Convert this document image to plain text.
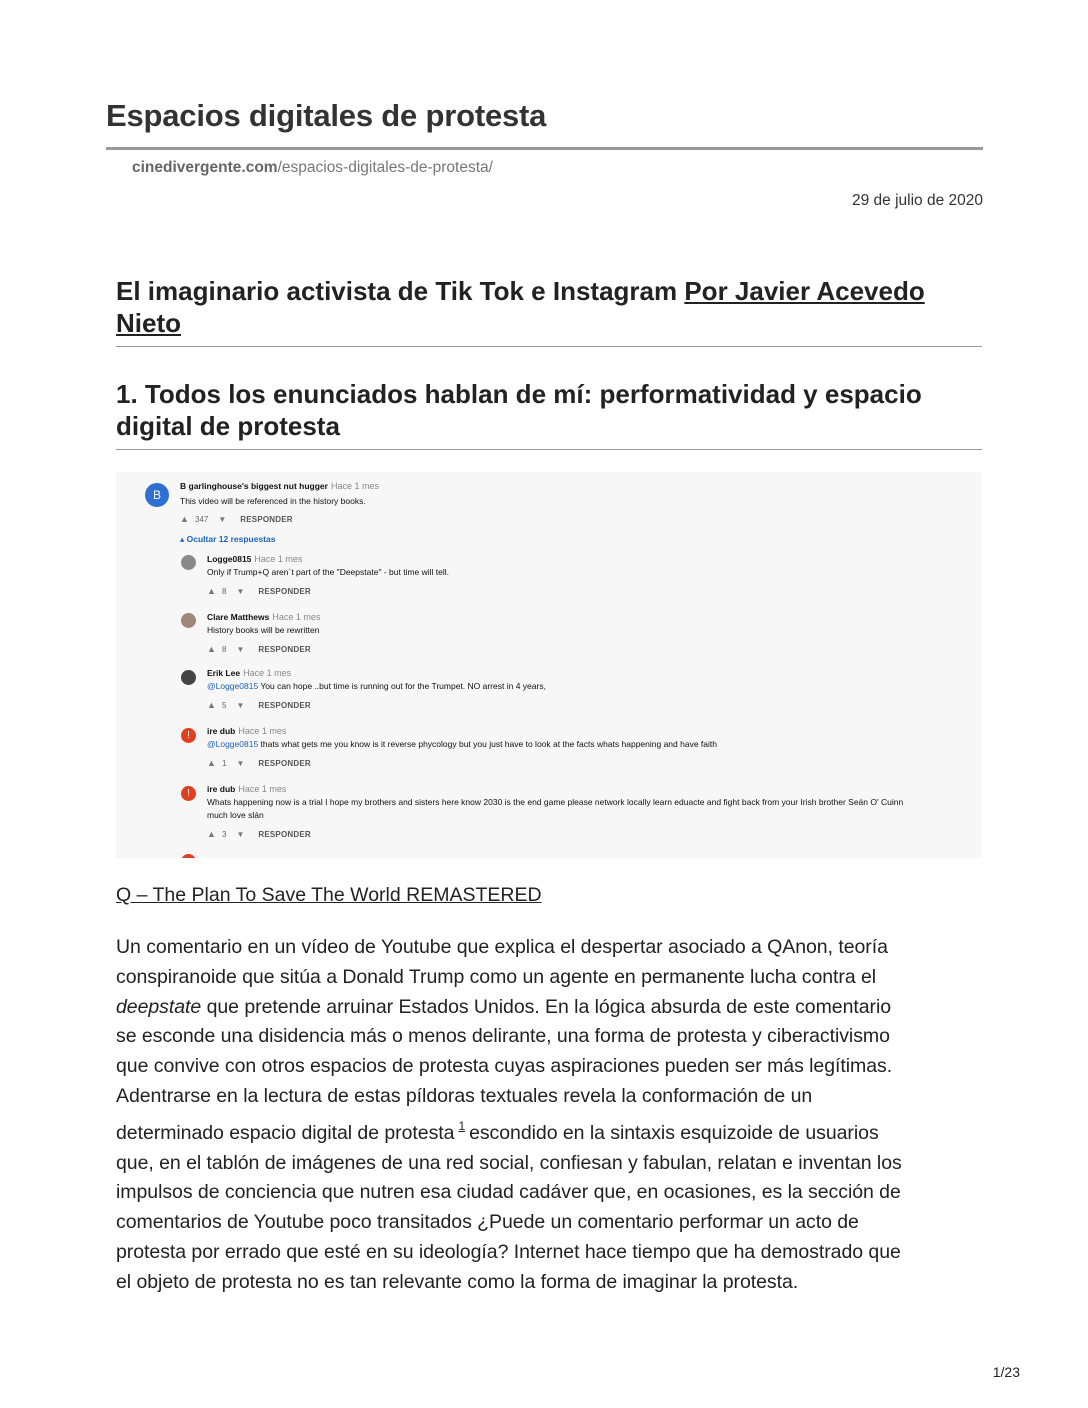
Espacios digitales de protesta
cinedivergente.com/espacios-digitales-de-protesta/
29 de julio de 2020
El imaginario activista de Tik Tok e Instagram Por Javier Acevedo
Nieto
1. Todos los enunciados hablan de mí: performatividad y espacio
digital de protesta
B
B garlinghouse's biggest nut hugger Hace 1 mes
This video will be referenced in the history books.
▲ 347 ▼ RESPONDER
▴ Ocultar 12 respuestas
Logge0815 Hace 1 mes
Only if Trump+Q aren´t part of the "Deepstate" - but time will tell.
▲ 8 ▼ RESPONDER
Clare Matthews Hace 1 mes
History books will be rewritten
▲ 8 ▼ RESPONDER
Erik Lee Hace 1 mes
@Logge0815 You can hope ..but time is running out for the Trumpet. NO arrest in 4 years,
▲ 5 ▼ RESPONDER
!	ire dub Hace 1 mes
@Logge0815 thats what gets me you know is it reverse phycology but you just have to look at the facts whats happening and have faith
▲ 1 ▼ RESPONDER
!	ire dub Hace 1 mes
Whats happening now is a trial I hope my brothers and sisters here know 2030 is the end game please network locally learn eduacte and fight back from your Irish brother Seán O' Cuinn
much love slán
▲ 3 ▼ RESPONDER
Q – The Plan To Save The World REMASTERED
Un comentario en un vídeo de Youtube que explica el despertar asociado a QAnon, teoría
conspiranoide que sitúa a Donald Trump como un agente en permanente lucha contra el
deepstate que pretende arruinar Estados Unidos. En la lógica absurda de este comentario
se esconde una disidencia más o menos delirante, una forma de protesta y ciberactivismo
que convive con otros espacios de protesta cuyas aspiraciones pueden ser más legítimas.
Adentrarse en la lectura de estas píldoras textuales revela la conformación de un
determinado espacio digital de protesta $^1$ escondido en la sintaxis esquizoide de usuarios
que, en el tablón de imágenes de una red social, confiesan y fabulan, relatan e inventan los
impulsos de conciencia que nutren esa ciudad cadáver que, en ocasiones, es la sección de
comentarios de Youtube poco transitados ¿Puede un comentario performar un acto de
protesta por errado que esté en su ideología? Internet hace tiempo que ha demostrado que
el objeto de protesta no es tan relevante como la forma de imaginar la protesta.
1/23
